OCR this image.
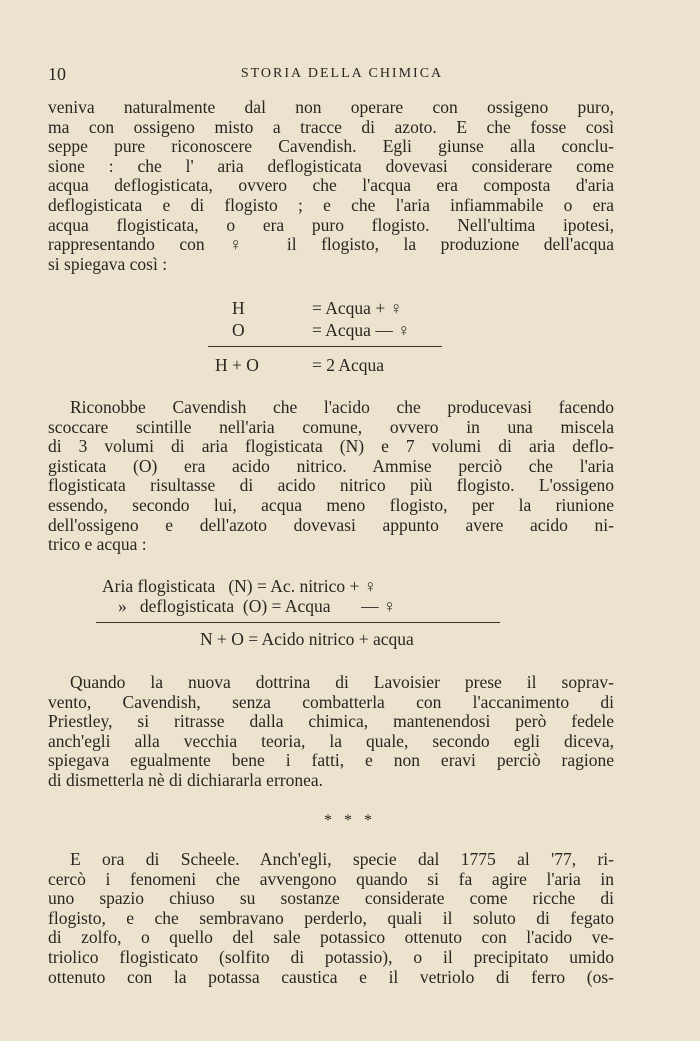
10	STORIA DELLA CHIMICA
veniva naturalmente dal non operare con ossigeno puro,
ma con ossigeno misto a tracce di azoto. E che fosse così
seppe pure riconoscere Cavendish. Egli giunse alla conclu-
sione : che l' aria deflogisticata dovevasi considerare come
acqua deflogisticata, ovvero che l'acqua era composta d'aria
deflogisticata e di flogisto ; e che l'aria infiammabile o era
acqua flogisticata, o era puro flogisto. Nell'ultima ipotesi,
rappresentando con ♀ il flogisto, la produzione dell'acqua
si spiegava così :
H	= Acqua + ♀
O	= Acqua — ♀
H + O	= 2 Acqua
Riconobbe Cavendish che l'acido che producevasi facendo
scoccare scintille nell'aria comune, ovvero in una miscela
di 3 volumi di aria flogisticata (N) e 7 volumi di aria deflo-
gisticata (O) era acido nitrico. Ammise perciò che l'aria
flogisticata risultasse di acido nitrico più flogisto. L'ossigeno
essendo, secondo lui, acqua meno flogisto, per la riunione
dell'ossigeno e dell'azoto dovevasi appunto avere acido ni-
trico e acqua :
Aria flogisticata   (N) = Ac. nitrico + ♀
»   deflogisticata  (O) = Acqua       — ♀
N + O = Acido nitrico + acqua
Quando la nuova dottrina di Lavoisier prese il soprav-
vento, Cavendish, senza combatterla con l'accanimento di
Priestley, si ritrasse dalla chimica, mantenendosi però fedele
anch'egli alla vecchia teoria, la quale, secondo egli diceva,
spiegava egualmente bene i fatti, e non eravi perciò ragione
di dismetterla nè di dichiararla erronea.
* * *
E ora di Scheele. Anch'egli, specie dal 1775 al '77, ri-
cercò i fenomeni che avvengono quando si fa agire l'aria in
uno spazio chiuso su sostanze considerate come ricche di
flogisto, e che sembravano perderlo, quali il soluto di fegato
di zolfo, o quello del sale potassico ottenuto con l'acido ve-
triolico flogisticato (solfito di potassio), o il precipitato umido
ottenuto con la potassa caustica e il vetriolo di ferro (os-
